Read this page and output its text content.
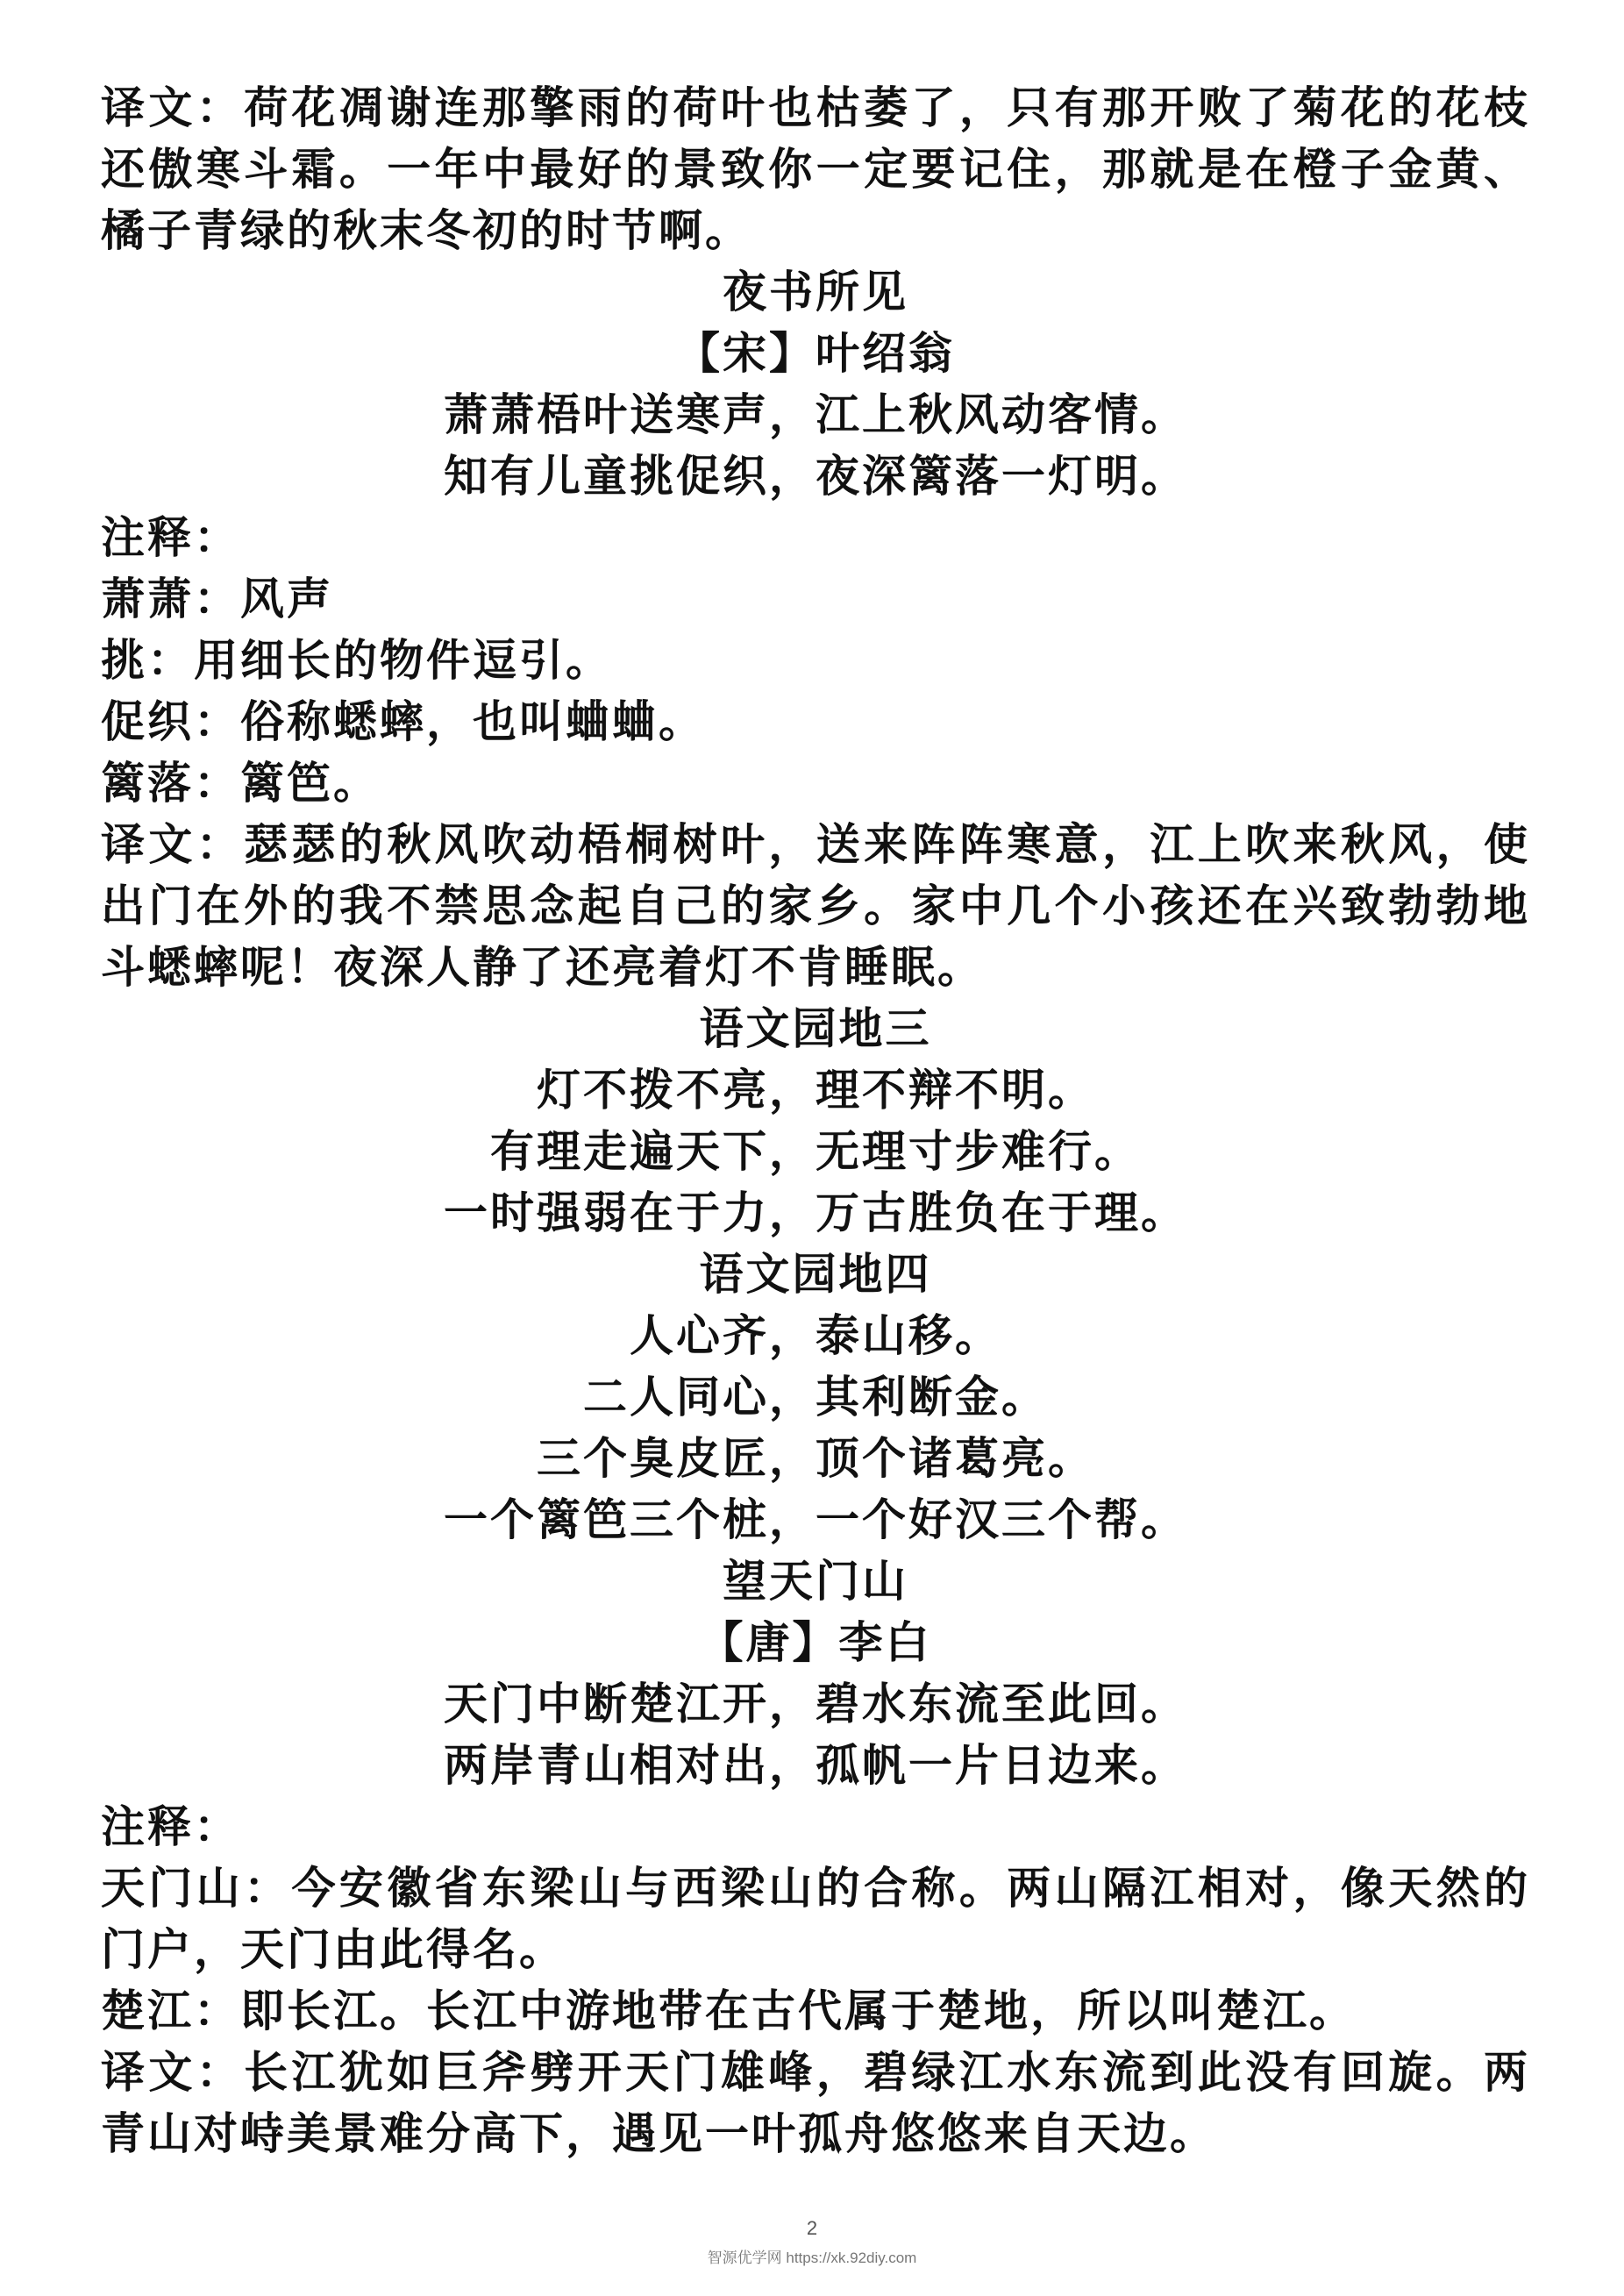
译文：荷花凋谢连那擎雨的荷叶也枯萎了，只有那开败了菊花的花枝还傲寒斗霜。一年中最好的景致你一定要记住，那就是在橙子金黄、橘子青绿的秋末冬初的时节啊。

夜书所见

【宋】叶绍翁

萧萧梧叶送寒声，江上秋风动客情。

知有儿童挑促织，夜深篱落一灯明。

注释：

萧萧：风声

挑：用细长的物件逗引。

促织：俗称蟋蟀，也叫蛐蛐。

篱落：篱笆。

译文：瑟瑟的秋风吹动梧桐树叶，送来阵阵寒意，江上吹来秋风，使出门在外的我不禁思念起自己的家乡。家中几个小孩还在兴致勃勃地斗蟋蟀呢！夜深人静了还亮着灯不肯睡眠。

语文园地三

灯不拨不亮，理不辩不明。

有理走遍天下，无理寸步难行。

一时强弱在于力，万古胜负在于理。

语文园地四

人心齐，泰山移。

二人同心，其利断金。

三个臭皮匠，顶个诸葛亮。

一个篱笆三个桩，一个好汉三个帮。

望天门山

【唐】李白

天门中断楚江开，碧水东流至此回。

两岸青山相对出，孤帆一片日边来。

注释：

天门山：今安徽省东梁山与西梁山的合称。两山隔江相对，像天然的门户，天门由此得名。

楚江：即长江。长江中游地带在古代属于楚地，所以叫楚江。

译文：长江犹如巨斧劈开天门雄峰，碧绿江水东流到此没有回旋。两青山对峙美景难分高下，遇见一叶孤舟悠悠来自天边。

2
智源优学网 https://xk.92diy.com
